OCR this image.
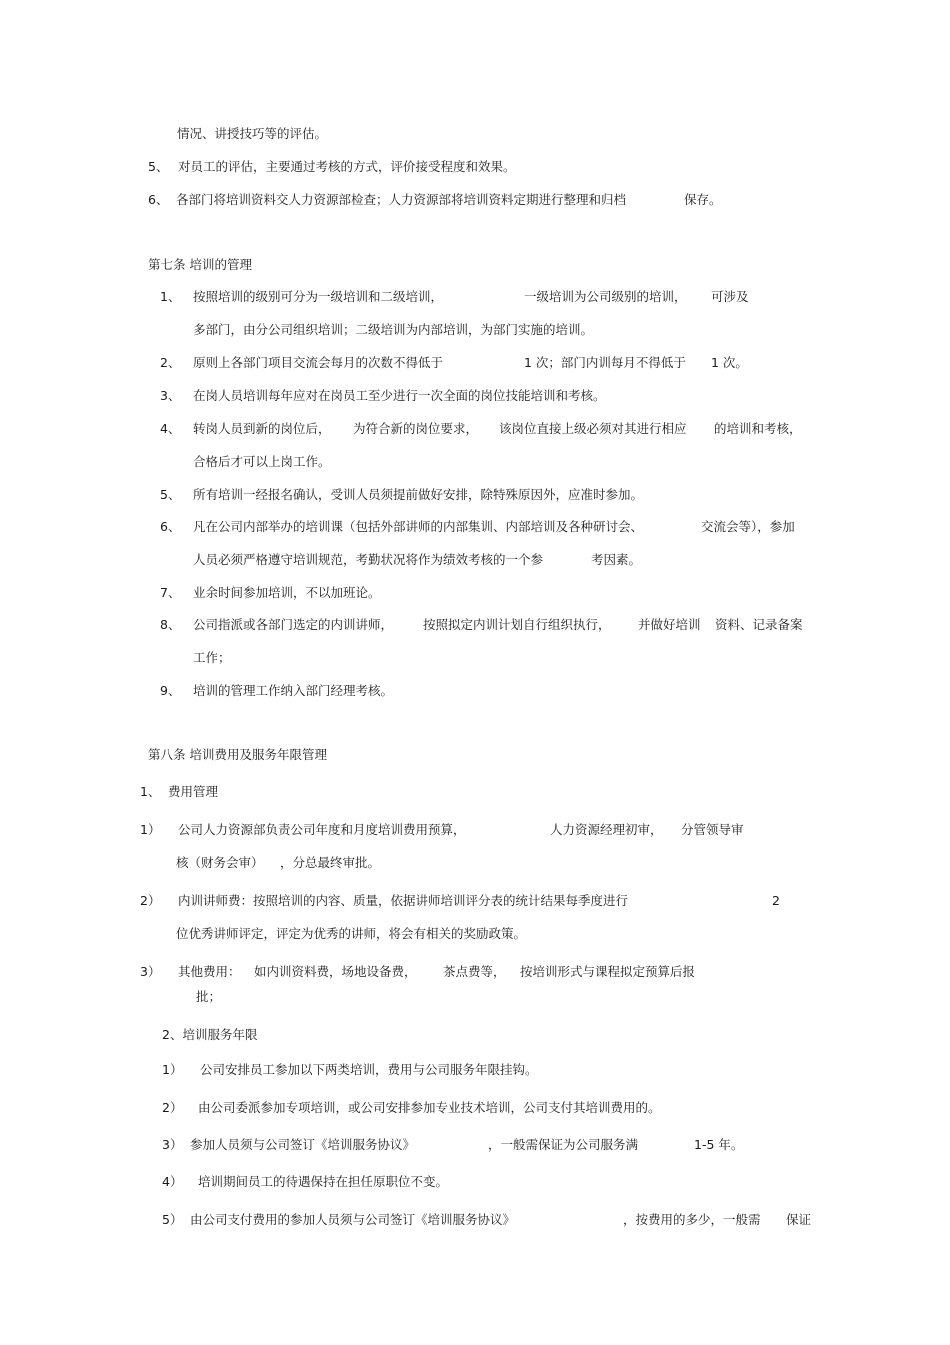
情况、讲授技巧等的评估。
5、 对员工的评估，主要通过考核的方式，评价接受程度和效果。
6、 各部门将培训资料交人力资源部检查；人力资源部将培训资料定期进行整理和归档	保存。
第七条 培训的管理
1、 按照培训的级别可分为一级培训和二级培训，	一级培训为公司级别的培训， 可涉及
多部门，由分公司组织培训；二级培训为内部培训，为部门实施的培训。
2、 原则上各部门项目交流会每月的次数不得低于	1 次；部门内训每月不得低于 1 次。
3、 在岗人员培训每年应对在岗员工至少进行一次全面的岗位技能培训和考核。
4、 转岗人员到新的岗位后， 为符合新的岗位要求， 该岗位直接上级必须对其进行相应 的培训和考核，
合格后才可以上岗工作。
5、 所有培训一经报名确认，受训人员须提前做好安排，除特殊原因外，应准时参加。
6、 凡在公司内部举办的培训课（包括外部讲师的内部集训、内部培训及各种研讨会、	交流会等），参加
人员必须严格遵守培训规范，考勤状况将作为绩效考核的一个参	考因素。
7、 业余时间参加培训，不以加班论。
8、 公司指派或各部门选定的内训讲师， 按照拟定内训计划自行组织执行， 并做好培训 资料、记录备案
工作；
9、 培训的管理工作纳入部门经理考核。
第八条 培训费用及服务年限管理
1、 费用管理
1） 公司人力资源部负责公司年度和月度培训费用预算，	人力资源经理初审， 分管领导审
核（财务会审） ，分总最终审批。
2） 内训讲师费：按照培训的内容、质量，依据讲师培训评分表的统计结果每季度进行	2
位优秀讲师评定，评定为优秀的讲师，将会有相关的奖励政策。
3） 其他费用： 如内训资料费，场地设备费， 茶点费等， 按培训形式与课程拟定预算后报
批；
2、培训服务年限
1） 公司安排员工参加以下两类培训，费用与公司服务年限挂钩。
2） 由公司委派参加专项培训，或公司安排参加专业技术培训，公司支付其培训费用的。
3） 参加人员须与公司签订《培训服务协议》	，一般需保证为公司服务满	1-5 年。
4） 培训期间员工的待遇保持在担任原职位不变。
5） 由公司支付费用的参加人员须与公司签订《培训服务协议》	，按费用的多少，一般需 保证
